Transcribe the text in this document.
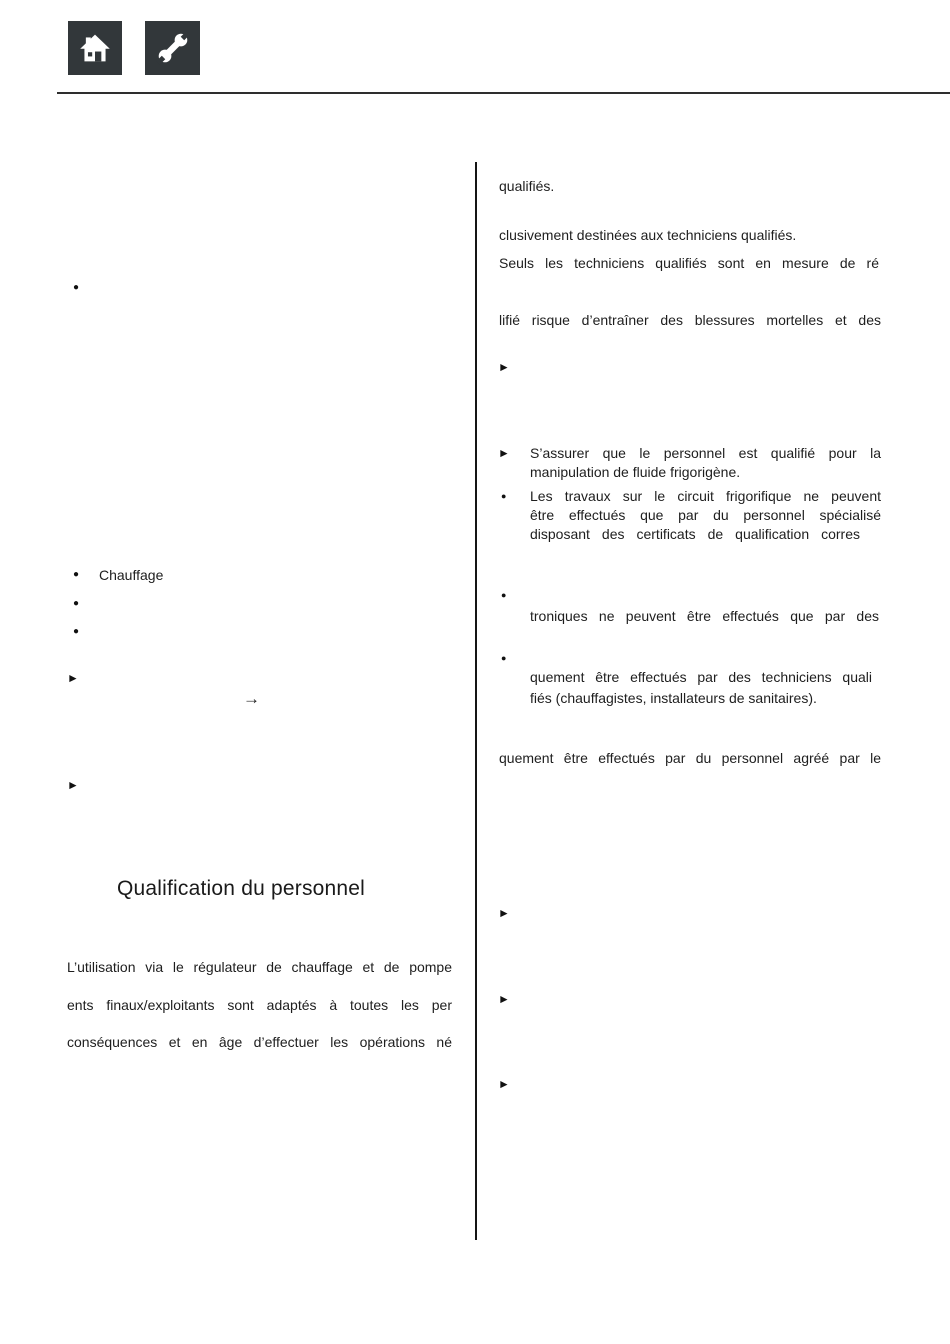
●
● Chauffage
●
●
►
→
►
Qualification du personnel
L’utilisation via le régulateur de chauffage et de pompe
ents finaux/exploitants sont adaptés à toutes les per
conséquences et en âge d’effectuer les opérations né
qualifiés.
clusivement destinées aux techniciens qualifiés.
Seuls les techniciens qualifiés sont en mesure de ré
lifié risque d’entraîner des blessures mortelles et des
►
► S’assurer que le personnel est qualifié pour la
manipulation de fluide frigorigène.
● Les travaux sur le circuit frigorifique ne peuvent
être effectués que par du personnel spécialisé
disposant des certificats de qualification corres
●
troniques ne peuvent être effectués que par des
●
quement être effectués par des techniciens quali
fiés (chauffagistes, installateurs de sanitaires).
quement être effectués par du personnel agréé par le
►
►
►
